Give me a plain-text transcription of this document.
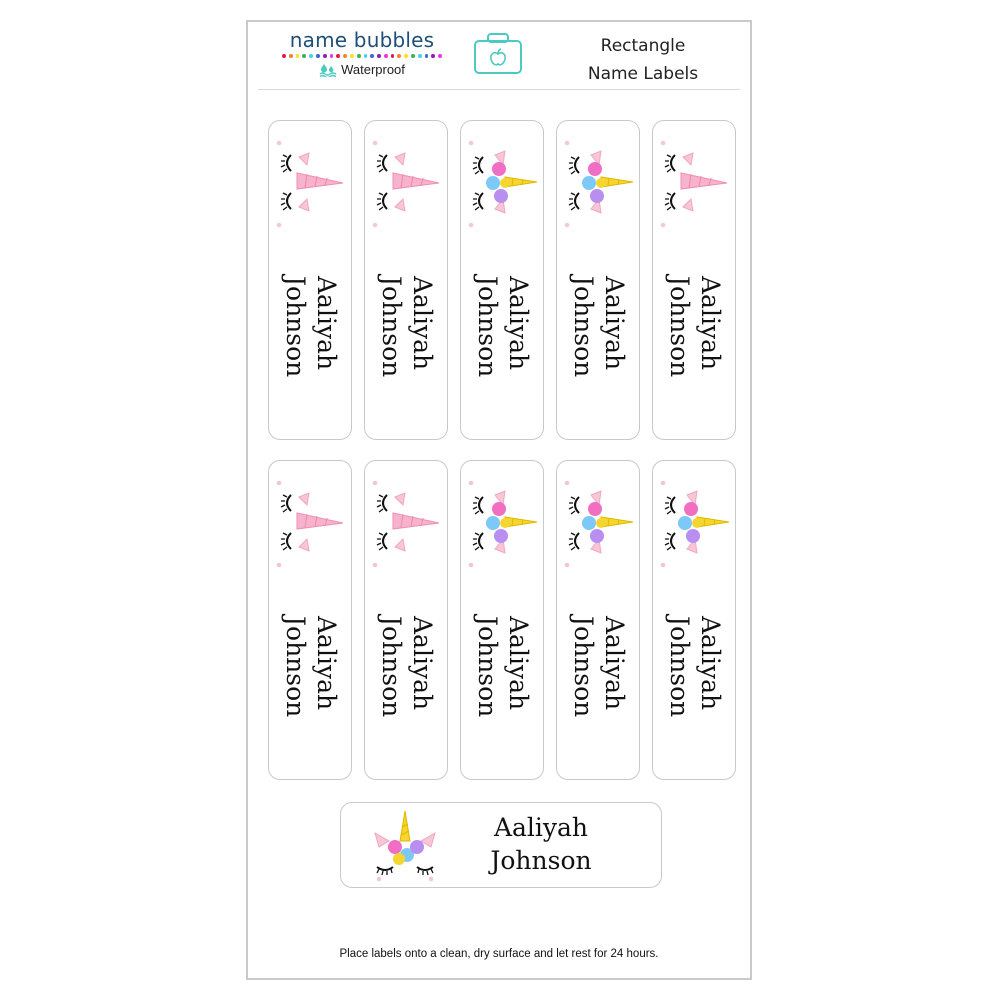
name bubbles
Waterproof
Rectangle
Name Labels
Aaliyah
Johnson	Aaliyah
Johnson	Aaliyah
Johnson	Aaliyah
Johnson	Aaliyah
Johnson
Aaliyah
Johnson	Aaliyah
Johnson	Aaliyah
Johnson	Aaliyah
Johnson	Aaliyah
Johnson
Aaliyah
Johnson
Place labels onto a clean, dry surface and let rest for 24 hours.
